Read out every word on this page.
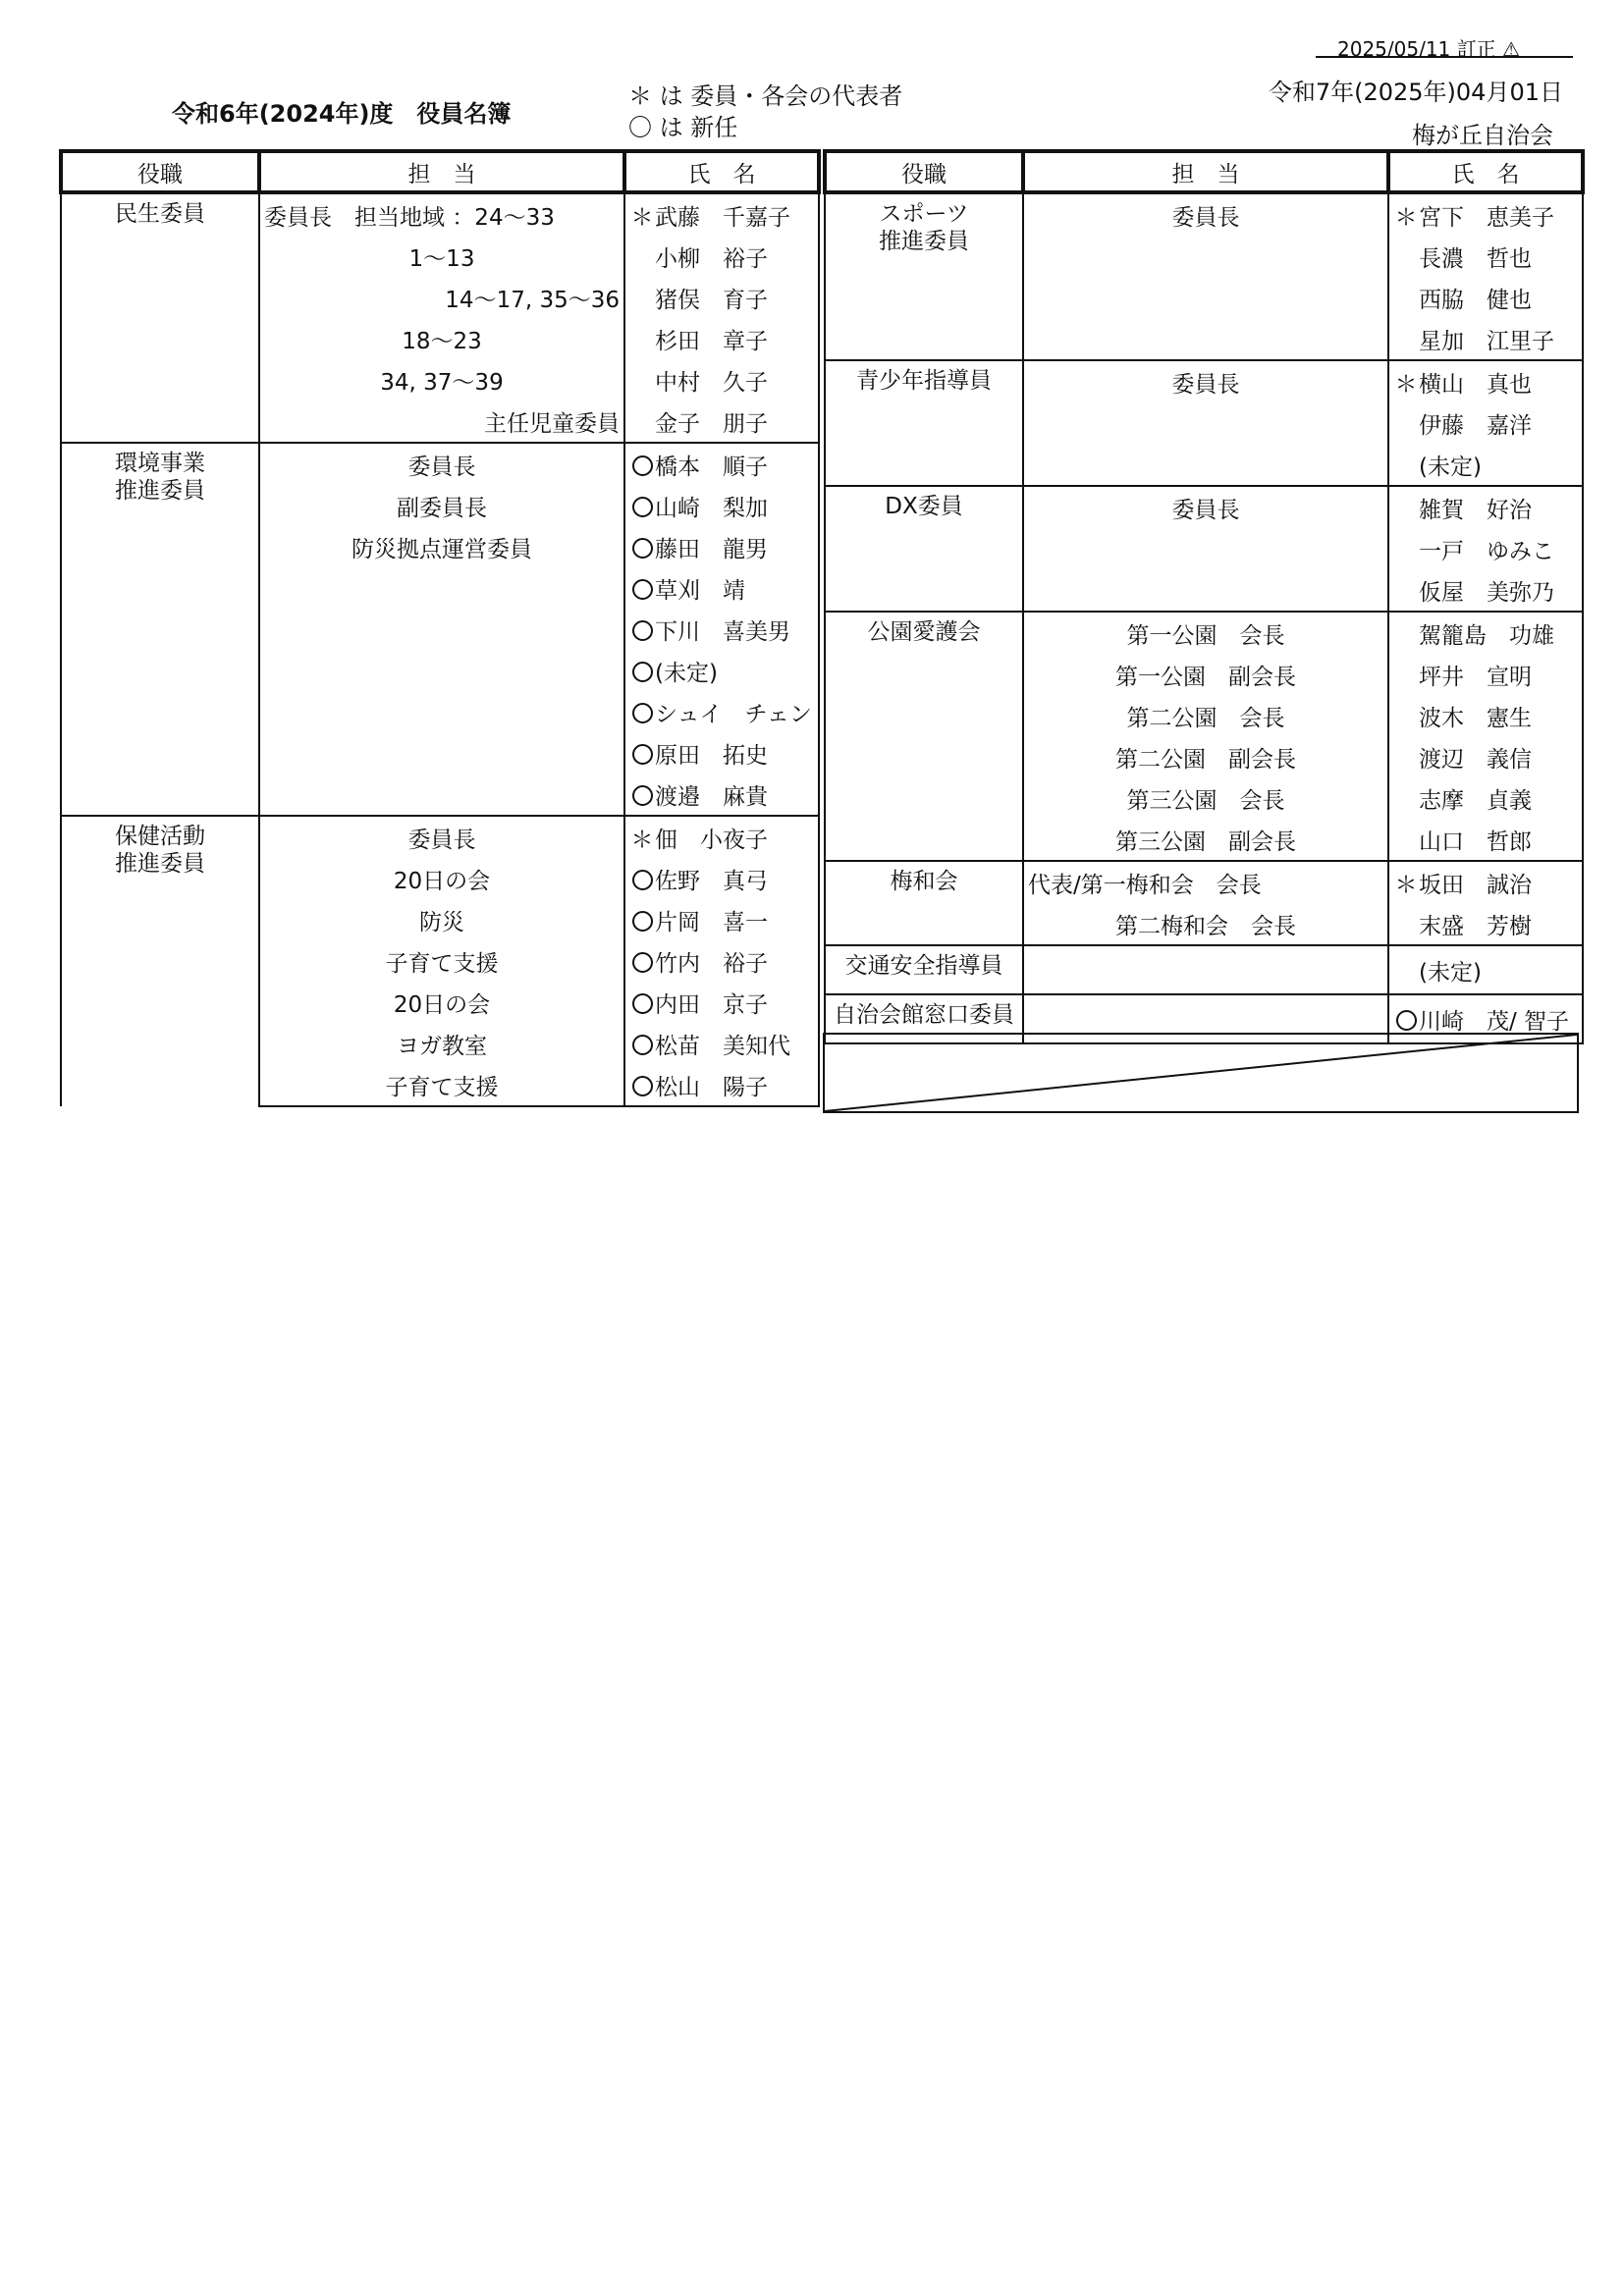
2025/05/11 訂正 ⚠
令和6年(2024年)度　役員名簿
＊ は 委員・各会の代表者
〇 は 新任
令和7年(2025年)04月01日
梅が丘自治会
役職	担　当	氏　名

民生委員	委員長　担当地域 ：24～33	＊武藤　千嘉子
	1～13	小柳　裕子
	14～17, 35～36	猪俣　育子
	18～23	杉田　章子
	34, 37～39	中村　久子
	主任児童委員	金子　朋子

環境事業
推進委員	委員長	橋本　順子
	副委員長	山崎　梨加
	防災拠点運営委員	藤田　龍男
		草刈　靖
		下川　喜美男
		(未定)
		シュイ　チェン
		原田　拓史
		渡邉　麻貴

保健活動
推進委員	委員長	＊佃　小夜子
	20日の会	佐野　真弓
	防災	片岡　喜一
	子育て支援	竹内　裕子
	20日の会	内田　京子
	ヨガ教室	松苗　美知代
	子育て支援	松山　陽子
役職	担　当	氏　名

スポーツ
推進委員	委員長	＊宮下　恵美子
		長濃　哲也
		西脇　健也
		星加　江里子

青少年指導員	委員長	＊横山　真也
		伊藤　嘉洋
		(未定)

DX委員	委員長	雑賀　好治
		一戸　ゆみこ
		仮屋　美弥乃

公園愛護会	第一公園　会長	駕籠島　功雄
	第一公園　副会長	坪井　宣明
	第二公園　会長	波木　憲生
	第二公園　副会長	渡辺　義信
	第三公園　会長	志摩　貞義
	第三公園　副会長	山口　哲郎

梅和会	代表/第一梅和会　会長	＊坂田　誠治
	第二梅和会　会長	末盛　芳樹

交通安全指導員		(未定)

自治会館窓口委員		川崎　茂/ 智子
